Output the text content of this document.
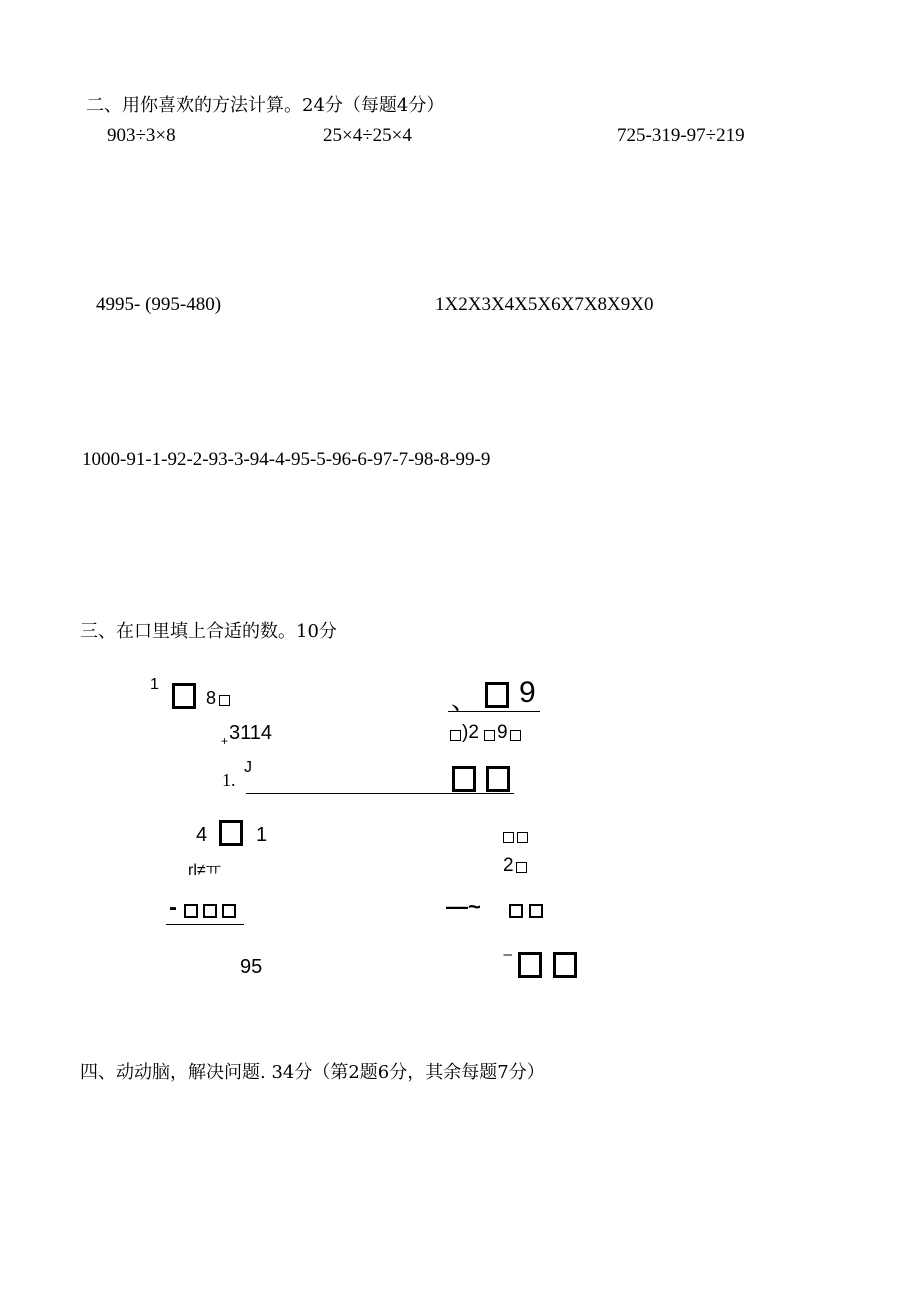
二、用你喜欢的方法计算。24分（每题4分）
903÷3×8	25×4÷25×4	725-319-97÷219
4995- (995-480)	1X2X3X4X5X6X7X8X9X0
1000-91-1-92-2-93-3-94-4-95-5-96-6-97-7-98-8-99-9
三、在口里填上合适的数。10分
1
8
+ 3114
1.
J
4 1
rl≠ㅠ
-
95
、 9
)2 9
2
—~
⁻
四、动动脑，解决问题. 34分（第2题6分，其余每题7分）
